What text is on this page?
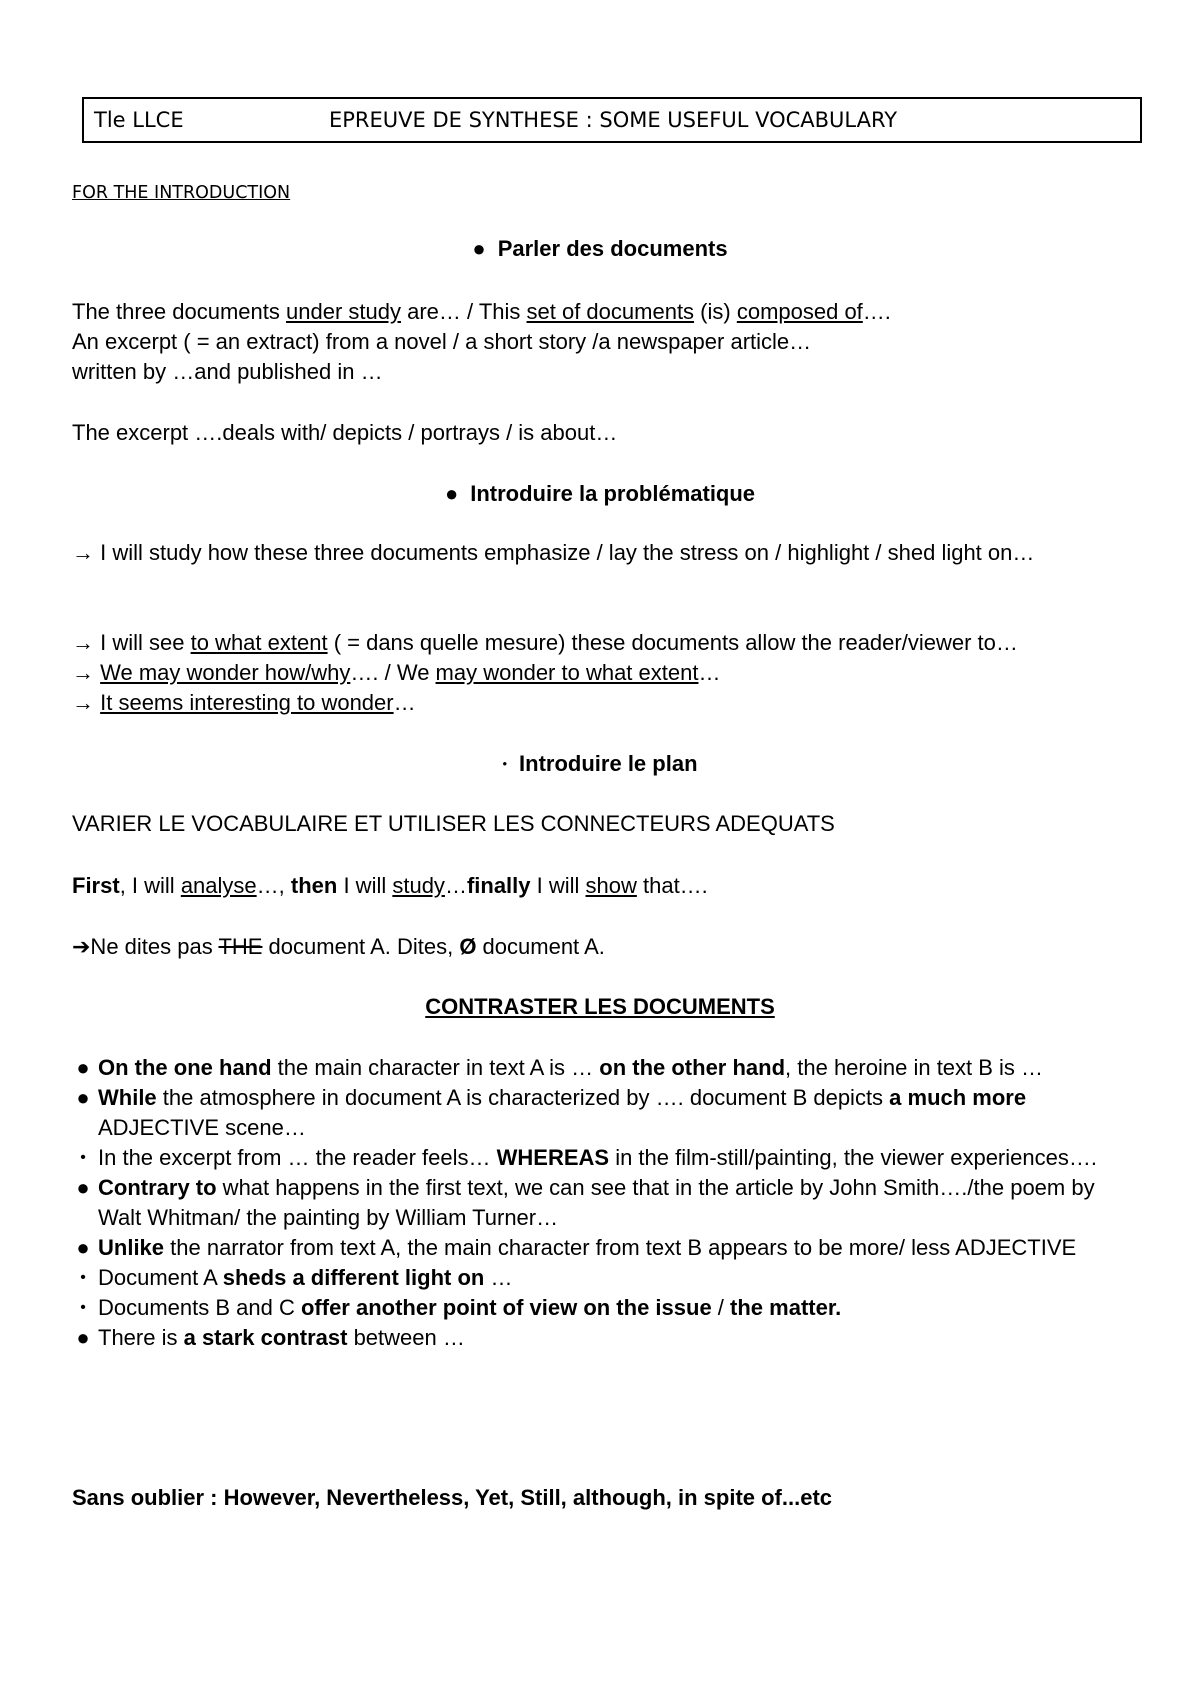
Tle LLCE	EPREUVE DE SYNTHESE : SOME USEFUL VOCABULARY
FOR THE INTRODUCTION
● Parler des documents
The three documents under study are… / This set of documents (is) composed of….
An excerpt ( = an extract) from a novel / a short story /a newspaper article…
written by …and published in …
The excerpt ….deals with/ depicts / portrays / is about…
● Introduire la problématique
→ I will study how these three documents emphasize / lay the stress on / highlight / shed light on…
→ I will see to what extent ( = dans quelle mesure) these documents allow the reader/viewer to…
→ We may wonder how/why…. / We may wonder to what extent…
→ It seems interesting to wonder…
• Introduire le plan
VARIER LE VOCABULAIRE ET UTILISER LES CONNECTEURS ADEQUATS
First, I will analyse…, then I will study…finally I will show that….
➔Ne dites pas THE document A. Dites, Ø document A.
CONTRASTER LES DOCUMENTS
● On the one hand the main character in text A is … on the other hand, the heroine in text B is …
● While the atmosphere in document A is characterized by …. document B depicts a much more ADJECTIVE scene…
• In the excerpt from … the reader feels… WHEREAS in the film-still/painting, the viewer experiences….
● Contrary to what happens in the first text, we can see that in the article by John Smith…./the poem by Walt Whitman/ the painting by William Turner…
● Unlike the narrator from text A, the main character from text B appears to be more/ less ADJECTIVE
• Document A sheds a different light on …
• Documents B and C offer another point of view on the issue / the matter.
● There is a stark contrast between …
Sans oublier : However, Nevertheless, Yet, Still, although, in spite of...etc
